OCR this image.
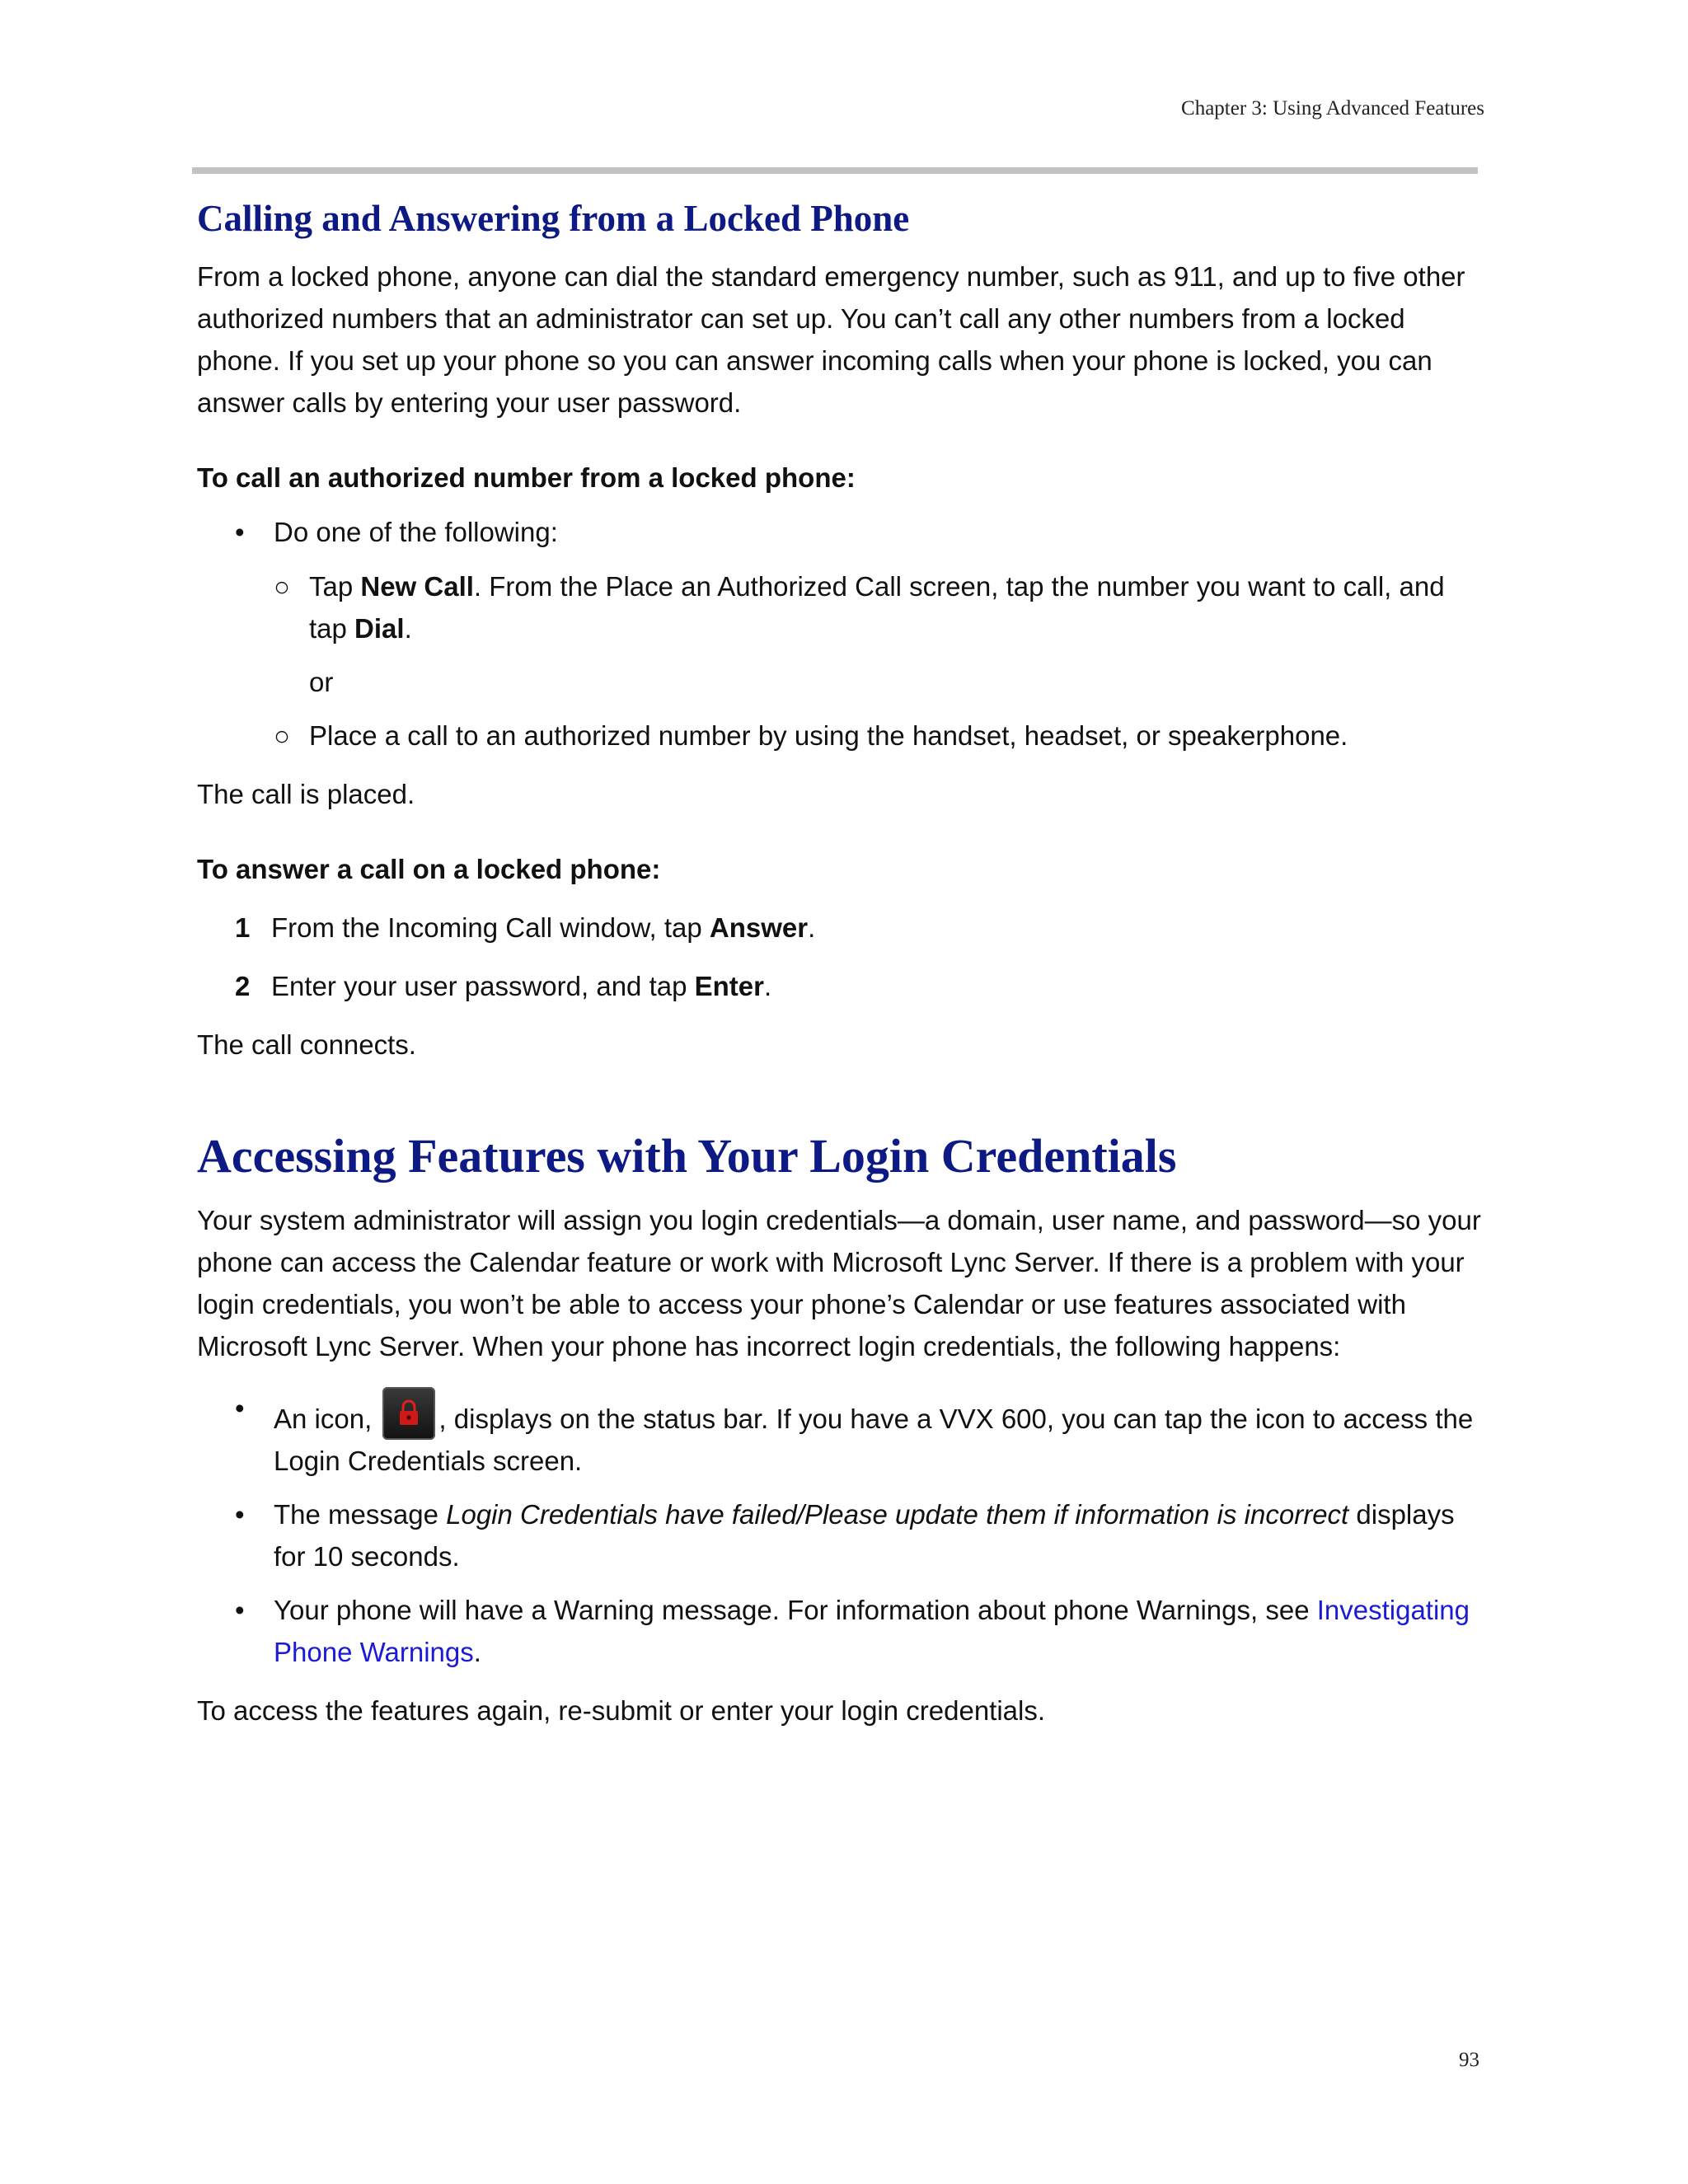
Chapter 3: Using Advanced Features
Calling and Answering from a Locked Phone

From a locked phone, anyone can dial the standard emergency number, such as 911, and up to five other authorized numbers that an administrator can set up. You can’t call any other numbers from a locked phone. If you set up your phone so you can answer incoming calls when your phone is locked, you can answer calls by entering your user password.

To call an authorized number from a locked phone:
• Do one of the following:
○ Tap New Call. From the Place an Authorized Call screen, tap the number you want to call, and tap Dial.
or
○ Place a call to an authorized number by using the handset, headset, or speakerphone.

The call is placed.

To answer a call on a locked phone:
1 From the Incoming Call window, tap Answer.
2 Enter your user password, and tap Enter.

The call connects.

Accessing Features with Your Login Credentials

Your system administrator will assign you login credentials—a domain, user name, and password—so your phone can access the Calendar feature or work with Microsoft Lync Server. If there is a problem with your login credentials, you won’t be able to access your phone’s Calendar or use features associated with Microsoft Lync Server. When your phone has incorrect login credentials, the following happens:

• An icon,
, displays on the status bar. If you have a VVX 600, you can tap the icon to access the Login Credentials screen.
• The message Login Credentials have failed/Please update them if information is incorrect displays for 10 seconds.
• Your phone will have a Warning message. For information about phone Warnings, see Investigating Phone Warnings.

To access the features again, re-submit or enter your login credentials.

93
